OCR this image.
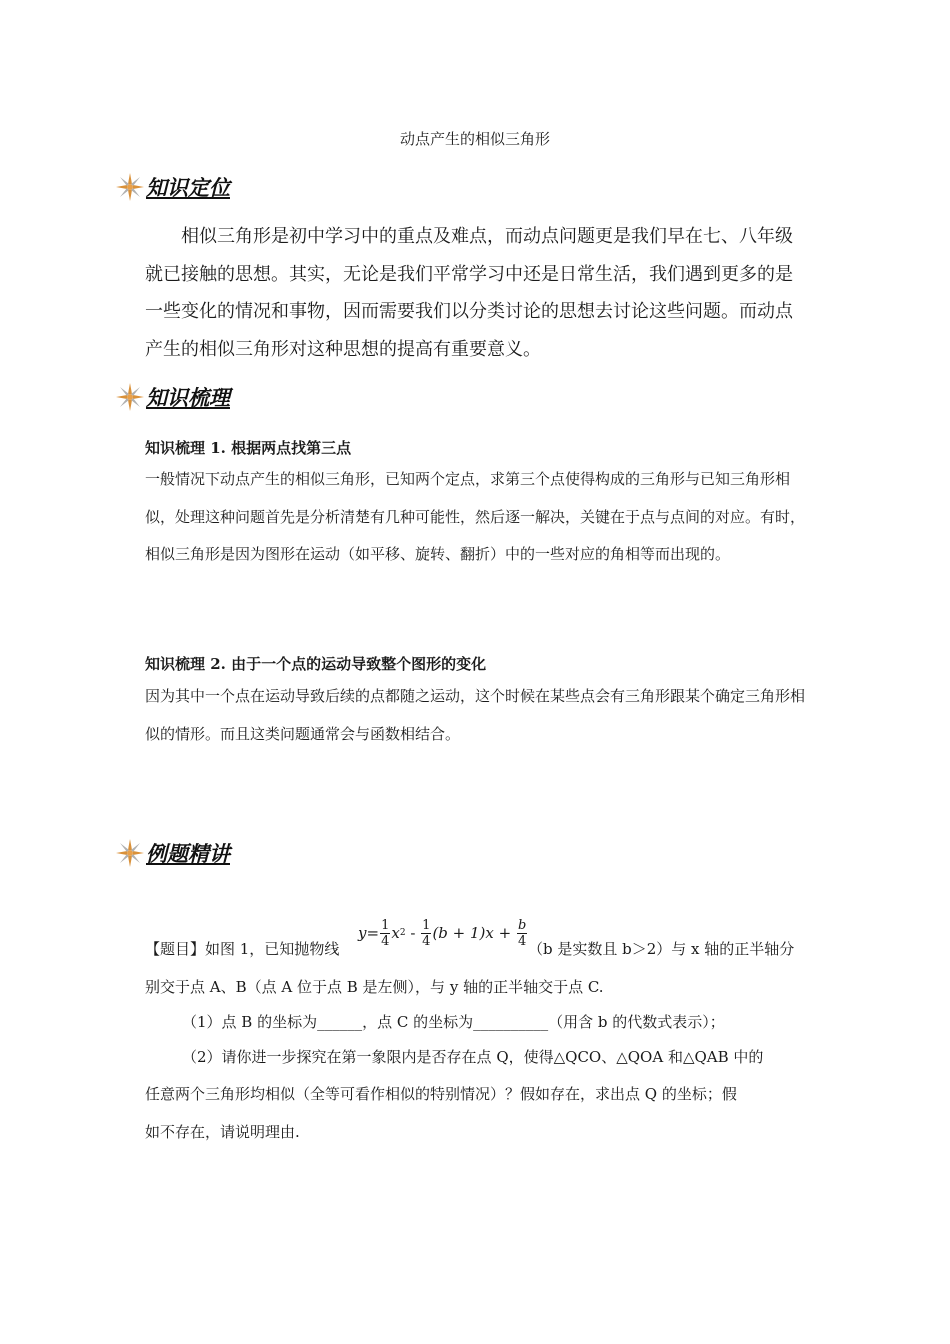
动点产生的相似三角形
知识定位

相似三角形是初中学习中的重点及难点，而动点问题更是我们早在七、八年级就已接触的思想。其实，无论是我们平常学习中还是日常生活，我们遇到更多的是一些变化的情况和事物，因而需要我们以分类讨论的思想去讨论这些问题。而动点产生的相似三角形对这种思想的提高有重要意义。

知识梳理
知识梳理 1. 根据两点找第三点

一般情况下动点产生的相似三角形，已知两个定点，求第三个点使得构成的三角形与已知三角形相似，处理这种问题首先是分析清楚有几种可能性，然后逐一解决，关键在于点与点间的对应。有时，相似三角形是因为图形在运动（如平移、旋转、翻折）中的一些对应的角相等而出现的。

知识梳理 2. 由于一个点的运动导致整个图形的变化

因为其中一个点在运动导致后续的点都随之运动，这个时候在某些点会有三角形跟某个确定三角形相似的情形。而且这类问题通常会与函数相结合。

例题精讲
【题目】如图 1，已知抛物线
$y = \frac{1}{4}$ x $2 - \frac{1}{4} (b + 1)x + \frac{b}{4}$
（b 是实数且 b＞2）与 x 轴的正半轴分
别交于点 A、B（点 A 位于点 B 是左侧），与 y 轴的正半轴交于点 C.
（1）点 B 的坐标为______，点 C 的坐标为__________（用含 b 的代数式表示）；
（2）请你进一步探究在第一象限内是否存在点 Q，使得△QCO、△QOA 和△QAB 中的
任意两个三角形均相似（全等可看作相似的特别情况）？假如存在，求出点 Q 的坐标；假
如不存在，请说明理由.
